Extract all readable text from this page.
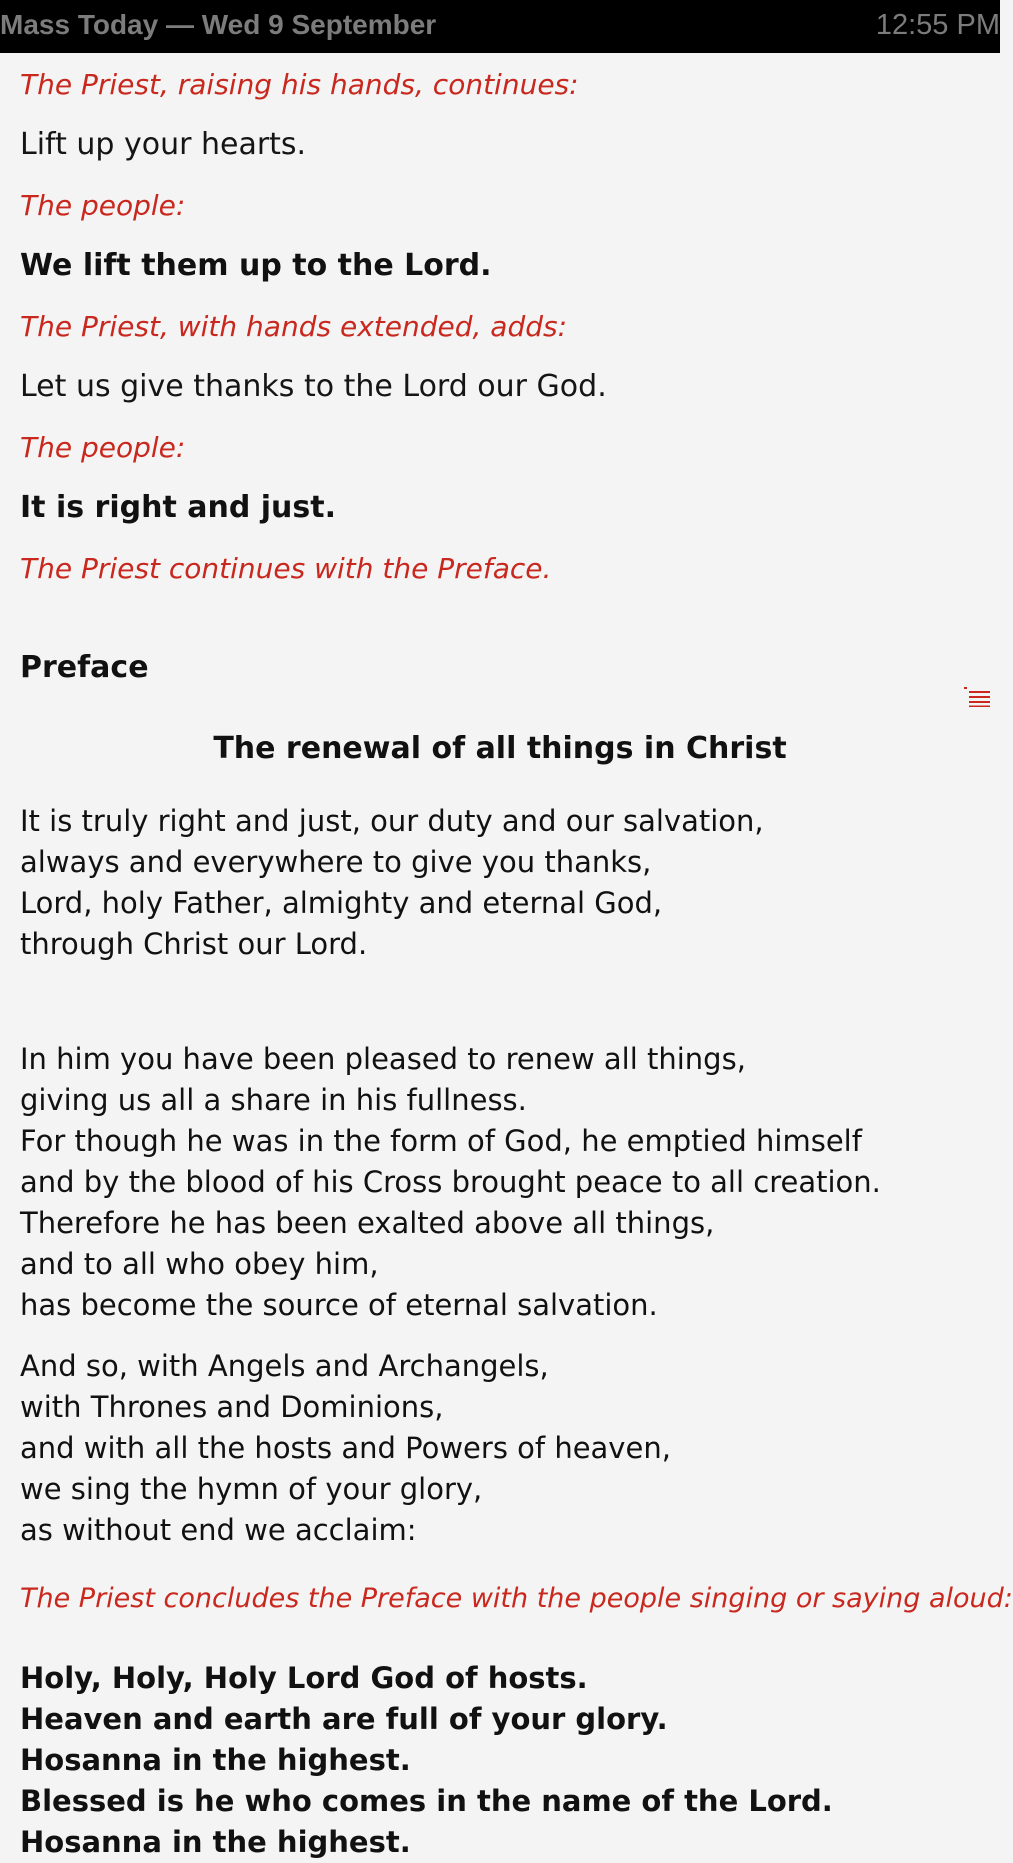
Mass Today — Wed 9 September	12:55 PM
The Priest, raising his hands, continues:
Lift up your hearts.
The people:
We lift them up to the Lord.
The Priest, with hands extended, adds:
Let us give thanks to the Lord our God.
The people:
It is right and just.
The Priest continues with the Preface.
Preface
The renewal of all things in Christ
It is truly right and just, our duty and our salvation,
always and everywhere to give you thanks,
Lord, holy Father, almighty and eternal God,
through Christ our Lord.
In him you have been pleased to renew all things,
giving us all a share in his fullness.
For though he was in the form of God, he emptied himself
and by the blood of his Cross brought peace to all creation.
Therefore he has been exalted above all things,
and to all who obey him,
has become the source of eternal salvation.
And so, with Angels and Archangels,
with Thrones and Dominions,
and with all the hosts and Powers of heaven,
we sing the hymn of your glory,
as without end we acclaim:
The Priest concludes the Preface with the people singing or saying aloud:
Holy, Holy, Holy Lord God of hosts.
Heaven and earth are full of your glory.
Hosanna in the highest.
Blessed is he who comes in the name of the Lord.
Hosanna in the highest.
